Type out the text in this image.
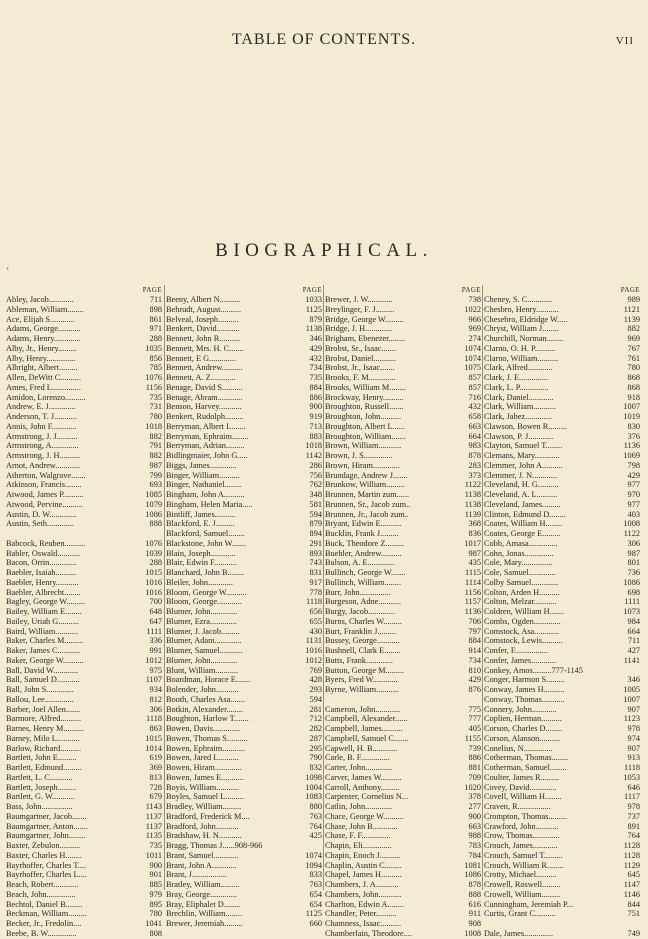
TABLE OF CONTENTS.	VII
BIOGRAPHICAL.
‹
PAGE
Abley, Jacob............	711
Ableman, William........	898
Ace, Elijah S............	861
Adams, George...........	971
Adams, Henry.............	288
Alby, Jr., Henry.........	1035
Alby, Henry..............	856
Albright, Albert.........	785
Allen, DeWitt C..........	1076
Ames, Fred L..............	1156
Amidon, Lorenzo..........	735
Andrew, E. J.............	731
Anderson, T. J...........	780
Annis, John F............	1018
Armstrong, J. J..........	882
Armstrong, A.............	791
Armstrong, J. H..........	882
Arnot, Andrew............	987
Atherton, Walgrave.......	799
Atkinson, Francis........	693
Atwood, James P..........	1085
Atwood, Pervine..........	1079
Austin, D. W.............	1086
Austin, Seth.............	888
Babcock, Reuben..........	1076
Babler, Oswald...........	1039
Bacon, Orrin.............	288
Baebler, Isaiah..........	1015
Baebler, Henry...........	1016
Baebler, Albrecht........	1016
Bagley, George W.........	700
Bailey, William E........	648
Bailey, Uriah G..........	647
Baird, William...........	1111
Baker, Charles M.........	336
Baker, James C...........	991
Baker, George W..........	1012
Ball, David W............	975
Ball, Samuel D...........	1107
Ball, John S.............	934
Ballou, Lee..............	812
Barber, Joel Allen.......	306
Barmore, Alfred..........	1118
Barnes, Henry M..........	863
Barney, Milo L...........	1015
Barlow, Richard..........	1014
Bartlett, John E.........	619
Bartlett, Edmund.........	369
Bartlett, L. C...........	813
Bartlett, Joseph.........	728
Bartlett, G. W...........	679
Bass, John...............	1143
Baumgartner, Jacob.......	1137
Baumgartner, Anton.......	1137
Baumgartner, John........	1135
Baxter, Zebulon..........	735
Baxter, Charles H........	1011
Bayrhoffer, Charles T....	900
Bayrhoffer, Charles L....	901
Beach, Robert............	885
Beach, John..............	979
Bechtol, Daniel B........	895
Beckman, William.........	780
Becker, Jr., Fredolin....	1041
Beebe, B. W..............	808
PAGE
Beeny, Albert N..........	1033
Behrudt, August..........	1125
Belveal, Joseph..........	879
Benkert, David...........	1138
Bennett, John R..........	346
Bennett, Mrs. H. C.......	429
Bennett, E G.............	432
Bennett, Andrew..........	734
Bennett, A. Z............	735
Benage, David S..........	884
Benage, Abram............	886
Benson, Harvey...........	900
Benkert, Rudolph.........	919
Berryman, Albert L.......	713
Berryman, Ephraim........	883
Berryman, Adrian.........	1018
Bidlingmaier, John G.....	1142
Biggs, James.............	286
Binger, William..........	756
Binger, Nathaniel........	762
Bingham, John A..........	348
Bingham, Helen Maria.....	581
Bintliff, James..........	594
Blackford, E. J.........	879
Blackford, Samuel........	894
Blackstone, John W.......	291
Blain, Joseph............	893
Blair, Edwin F...........	743
Blanchard, John B........	831
Bleiler, John............	917
Bloom, George W..........	778
Bloom, George............	1118
Blumer, John.............	656
Blumer, Ezra.............	655
Blumer, J. Jacob.........	430
Blumer, Adam.............	1131
Blumer, Samuel...........	1016
Blumer, John.............	1012
Blunt, William...........	769
Boardman, Horace E.......	428
Bolender, John...........	293
Booth, Charles Asa.......	594
Botkin, Alexander........	281
Boughton, Harlow T.......	712
Bowen, Davis.............	282
Bowen, Thomas S..........	287
Bowen, Ephraim...........	295
Bowen, Jared I...........	790
Bowen, Hiram.............	832
Bowen, James E...........	1098
Boyis, William...........	1004
Boyles, Samuel L.........	1083
Bradley, William.........	880
Bradford, Frederick M....	763
Bradford, John...........	764
Bradshaw, H. N...........	425
Bragg, Thomas J......908-966
Brant, Samuel............	1074
Brant, John A............	1094
Brant, J.................	833
Bratley, William.........	763
Bray, George.............	654
Bray, Eliphalet D........	654
Brechlin, William........	1125
Brewer, Jeremiah.........	660
PAGE
Brewer, J. W............	738
Breylinger, F. J.........	1022
Bridge, George W.........	966
Bridge, J. H.............	969
Brigham, Ebenezer........	274
Brobst, Sr., Isaac.......	1074
Brobst, Daniel...........	1074
Brobst, Jr., Isaac.......	1075
Brooks, F. M.............	857
Brooks, William M........	857
Brockway, Henry..........	716
Broughton, Russell.......	432
Broughton, John..........	658
Broughton, Albert L......	663
Broughton, William.......	664
Brown, William...........	983
Brown, J. S..............	878
Brown, Hiram.............	283
Brundage, Andrew J.......	373
Brunkow, William.........	1122
Brunnen, Martin zum......	1138
Brunnen, Sr., Jacob zum..	1138
Brunnen, Jr., Jacob zum..	1139
Bryant, Edwin E..........	368
Bucklin, Frank J.........	836
Buck, Theodore Z.........	1017
Buehler, Andrew..........	987
Bulson, A. E.............	435
Bullinch, George W.......	1115
Bullinch, William........	1114
Burr, John...............	1156
Burgeson, Adne...........	1157
Burgy, Jacob.............	1136
Burns, Charles W.........	706
Burt, Franklin J.........	797
Bussey, George...........	884
Bushnell, Clark E........	914
Butts, Frank.............	734
Button, George M.........	810
Byers, Fred W............	429
Byrne, William...........	876
Cameron, John............	775
Campbell, Alexander......	777
Campbell, James..........	405
Campbell, Samuel C.......	1155
Capwell, H. B............	739
Carle, B. F..............	886
Carter, John.............	881
Carver, James W..........	709
Carroll, Anthony.........	1020
Carpenter, Cornelius N...	378
Catlin, John.............	277
Chace, George W..........	900
Chase, John B............	663
Chase, F. F..............	988
Chapin, Eli..............	783
Chapin, Enoch J..........	784
Chaplin, Austin C........	1081
Chapel, James H..........	1086
Chambers, J. A...........	878
Chambers, John...........	888
Charlton, Edwin A........	616
Chandler, Peter..........	911
Chamness, Isaac..........	908
Chamberlain, Theodore....	1008
PAGE
Cheney, S. C............	989
Chesbro, Henry...........	1121
Chesebro, Eldridge W.....	1139
Chryst, William J........	882
Churchill, Norman........	969
Clarno, O. H. P..........	767
Clarno, William..........	761
Clark, Alfred............	780
Clark, J. E..............	868
Clark, L. P..............	868
Clark, Daniel............	918
Clark, William...........	1007
Clark, Jabez.............	1019
Clawson, Bowen R.........	830
Clawson, P. J............	376
Clayton, Samuel T........	1136
Clemans, Mary............	1069
Clemmer, John A..........	798
Clemmer, J. N............	429
Cleveland, H. G..........	977
Cleveland, A. L..........	970
Cleveland, James.........	977
Clinton, Edmund D........	403
Coates, William H........	1008
Coates, George E.........	1122
Cobb, Amasa..............	306
Cohn, Jonas..............	987
Cole, Mary...............	801
Cole, Samuel.............	736
Colby Samuel.............	1086
Colton, Arden H..........	698
Colton, Melzar...........	1111
Coldren, William H.......	1073
Combs, Ogden.............	984
Comstock, Asa............	664
Comstock, Lewis..........	711
Confer, F................	427
Confer, James............	1141
Conkey, Amos.........777-1145
Conger, Harmon S.........	346
Conway, James H..........	1005
Conway, Thomas...........	1007
Connery, John............	907
Coplien, Herman..........	1123
Corson, Charles D........	978
Corson, Alanson..........	974
Conelius, N..............	907
Cotherman, Thomas........	913
Cotherman, Samuel........	1118
Coulter, James R.........	1053
Covey, David.............	646
Covell, William H........	1117
Craven, R................	978
Crompton, Thomas.........	737
Crawford, John...........	891
Crow, Thomas.............	764
Crouch, James............	1128
Crouch, Samuel T.........	1128
Crouch, William R........	1129
Crotty, Michael..........	645
Crowell, Roswell.........	1147
Crowell, William.........	1146
Cunningham, Jeremiah P...	844
Curtis, Grant C..........	751
Dale, James..............	749
